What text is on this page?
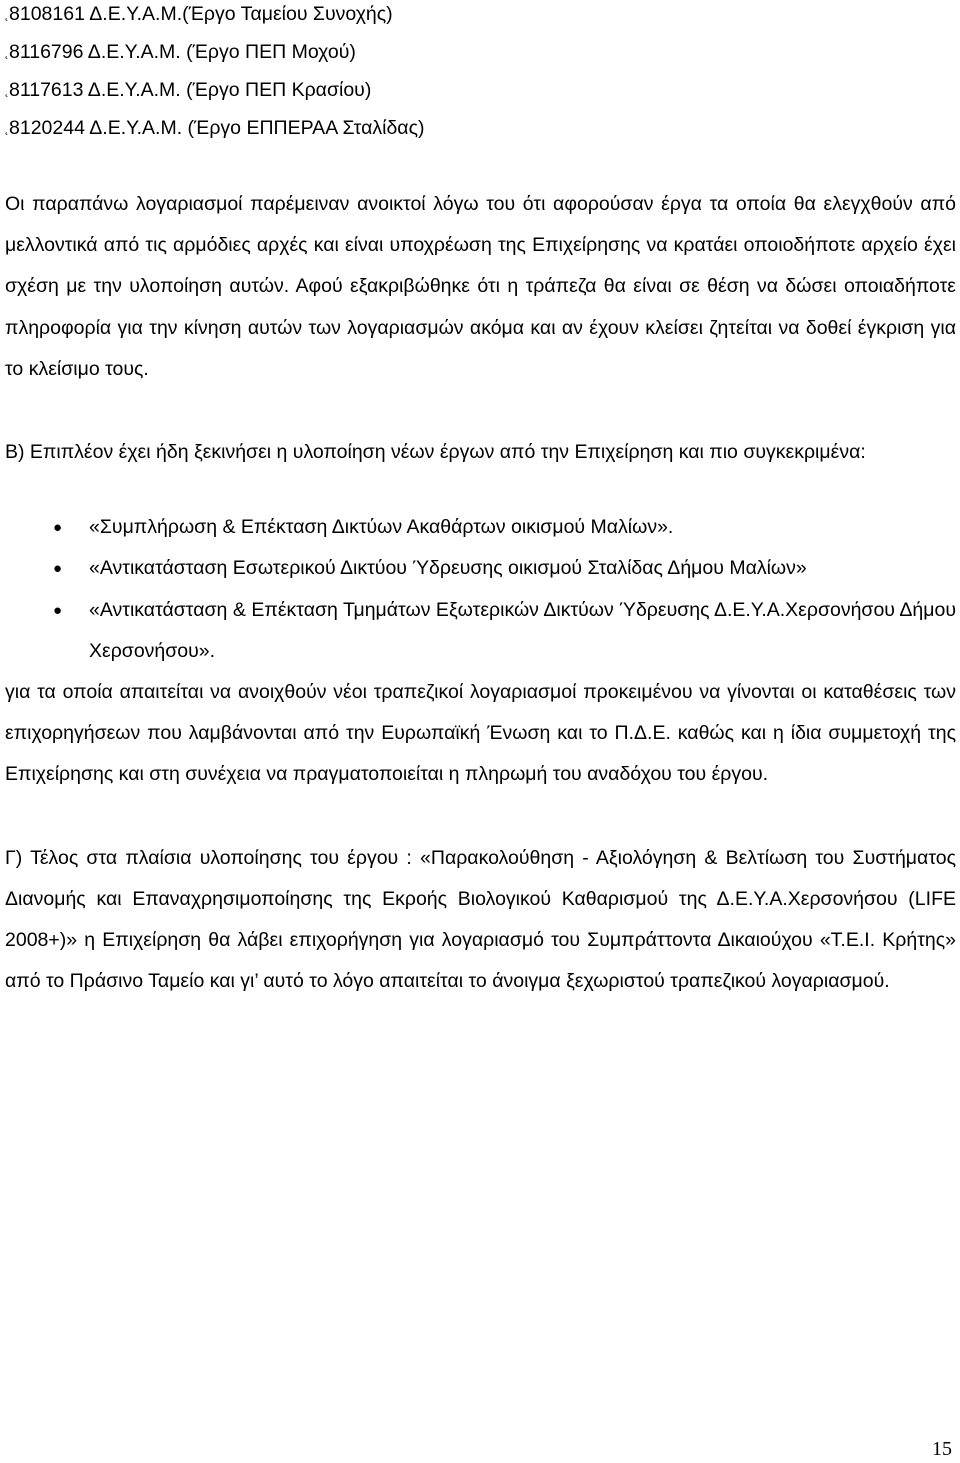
˛8108161 Δ.Ε.Υ.Α.Μ.(Έργο Ταμείου Συνοχής)
˛8116796 Δ.Ε.Υ.Α.Μ. (Έργο ΠΕΠ Μοχού)
˛8117613 Δ.Ε.Υ.Α.Μ. (Έργο ΠΕΠ Κρασίου)
˛8120244 Δ.Ε.Υ.Α.Μ. (Έργο ΕΠΠΕΡΑΑ Σταλίδας)

Οι παραπάνω λογαριασμοί παρέμειναν ανοικτοί λόγω του ότι αφορούσαν έργα τα οποία θα ελεγχθούν από μελλοντικά από τις αρμόδιες αρχές και είναι υποχρέωση της Επιχείρησης να κρατάει οποιοδήποτε αρχείο έχει σχέση με την υλοποίηση αυτών. Αφού εξακριβώθηκε ότι η τράπεζα θα είναι σε θέση να δώσει οποιαδήποτε πληροφορία για την κίνηση αυτών των λογαριασμών ακόμα και αν έχουν κλείσει ζητείται να δοθεί έγκριση για το κλείσιμο τους.

Β) Επιπλέον έχει ήδη ξεκινήσει η υλοποίηση νέων έργων από την Επιχείρηση και πιο συγκεκριμένα:

● «Συμπλήρωση & Επέκταση Δικτύων Ακαθάρτων οικισμού Μαλίων».
● «Αντικατάσταση Εσωτερικού Δικτύου Ύδρευσης οικισμού Σταλίδας Δήμου Μαλίων»
● «Αντικατάσταση & Επέκταση Τμημάτων Εξωτερικών Δικτύων Ύδρευσης Δ.Ε.Υ.Α.Χερσονήσου Δήμου Χερσονήσου».

για τα οποία απαιτείται να ανοιχθούν νέοι τραπεζικοί λογαριασμοί προκειμένου να γίνονται οι καταθέσεις των επιχορηγήσεων που λαμβάνονται από την Ευρωπαϊκή Ένωση και το Π.Δ.Ε. καθώς και η ίδια συμμετοχή της Επιχείρησης και στη συνέχεια να πραγματοποιείται η πληρωμή του αναδόχου του έργου.

Γ) Τέλος στα πλαίσια υλοποίησης του έργου : «Παρακολούθηση - Αξιολόγηση & Βελτίωση του Συστήματος Διανομής και Επαναχρησιμοποίησης της Εκροής Βιολογικού Καθαρισμού της Δ.Ε.Υ.Α.Χερσονήσου (LIFE 2008+)» η Επιχείρηση θα λάβει επιχορήγηση για λογαριασμό του Συμπράττοντα Δικαιούχου «Τ.Ε.Ι. Κρήτης» από το Πράσινο Ταμείο και γι’ αυτό το λόγο απαιτείται το άνοιγμα ξεχωριστού τραπεζικού λογαριασμού.

15
